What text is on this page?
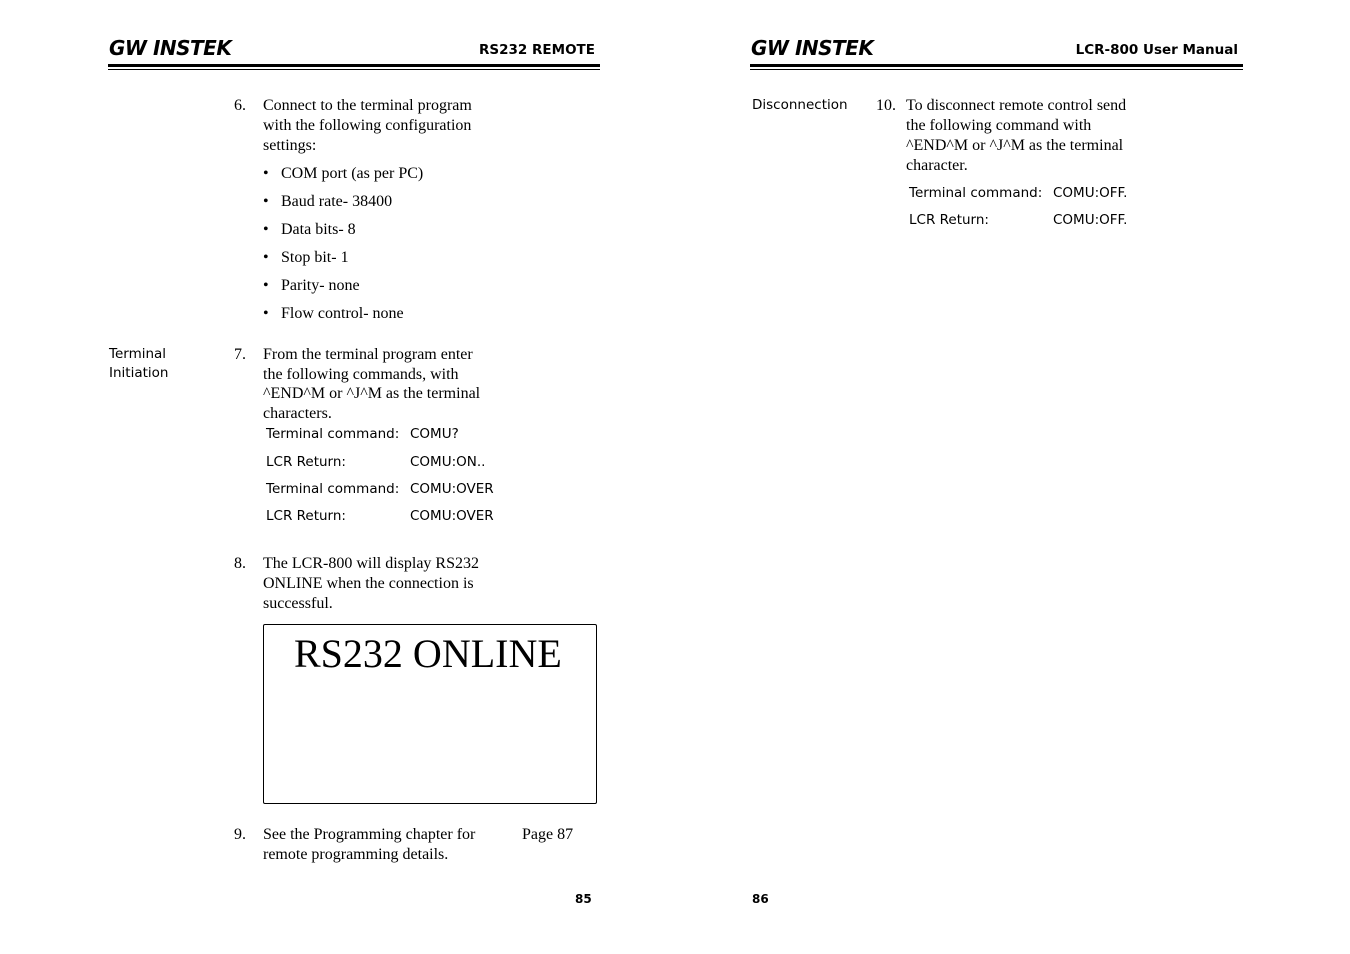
GW INSTEK	RS232 REMOTE
6. Connect to the terminal program
with the following configuration
settings:
• COM port (as per PC)
• Baud rate- 38400
• Data bits- 8
• Stop bit- 1
• Parity- none
• Flow control- none
Terminal
Initiation
7. From the terminal program enter
the following commands, with
^END^M or ^J^M as the terminal
characters.
Terminal command: COMU?
LCR Return:	COMU:ON..
Terminal command: COMU:OVER
LCR Return:	COMU:OVER
8. The LCR-800 will display RS232
ONLINE when the connection is
successful.
RS232 ONLINE
9. See the Programming chapter for
remote programming details.
Page 87
85
GW INSTEK	LCR-800 User Manual
Disconnection 10. To disconnect remote control send
the following command with
^END^M or ^J^M as the terminal
character.
Terminal command: COMU:OFF.
LCR Return:	COMU:OFF.
86
